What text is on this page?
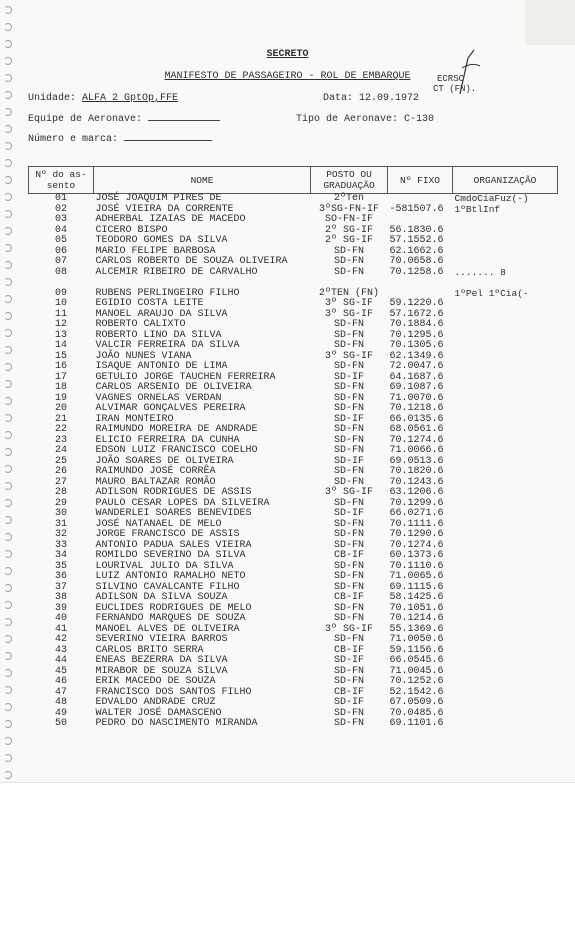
SECRETO
MANIFESTO DE PASSAGEIRO - ROL DE EMBARQUE	ECRSC
CT (FN).
Unidade: ALFA 2 GptOp,FFE	Data: 12.09.1972
Equipe de Aeronave:	Tipo de Aeronave: C-130
Número e marca:
Nº do as- sento	NOME	POSTO OU GRADUAÇÃO	Nº FIXO	ORGANIZAÇÃO
01	JOSÉ JOAQUIM PIRES DE	2ºTen		CmdoCiaFuz(-)
02	JOSÉ VIEIRA DA CORRENTE	3ºSG-FN-IF	-581507.6	1ºBtlInf
03	ADHERBAL IZAIAS DE MACEDO	SO-FN-IF		
04	CICERO BISPO	2º SG-IF	56.1830.6	
05	TEODORO GOMES DA SILVA	2º SG-IF	57.1552.6	
06	MARIO FELIPE BARBOSA	SD-FN	62.1662.6	
07	CARLOS ROBERTO DE SOUZA OLIVEIRA	SD-FN	70.0658.6	
08	ALCEMIR RIBEIRO DE CARVALHO	SD-FN	70.1258.6	....... 8

09	RUBENS PERLINGEIRO FILHO	2ºTEN (FN)		1ºPel 1ºCia(-
10	EGIDIO COSTA LEITE	3º SG-IF	59.1220.6	
11	MANOEL ARAUJO DA SILVA	3º SG-IF	57.1672.6	
12	ROBERTO CALIXTO	SD-FN	70.1884.6	
13	ROBERTO LINO DA SILVA	SD-FN	70.1295.6	
14	VALCIR FERREIRA DA SILVA	SD-FN	70.1305.6	
15	JOÃO NUNES VIANA	3º SG-IF	62.1349.6	
16	ISAQUE ANTONIO DE LIMA	SD-FN	72.0047.6	
17	GETULIO JORGE TAUCHEN FERREIRA	SD-IF	64.1687.6	
18	CARLOS ARSENIO DE OLIVEIRA	SD-FN	69.1087.6	
19	VAGNES ORNELAS VERDAN	SD-FN	71.0070.6	
20	ALVIMAR GONÇALVES PEREIRA	SD-FN	70.1218.6	
21	IRAN MONTEIRO	SD-IF	66.0135.6	
22	RAIMUNDO MOREIRA DE ANDRADE	SD-FN	68.0561.6	
23	ELICIO FERREIRA DA CUNHA	SD-FN	70.1274.6	
24	EDSON LUIZ FRANCISCO COELHO	SD-FN	71.0066.6	
25	JOÃO SOARES DE OLIVEIRA	SD-IF	69.0513.6	
26	RAIMUNDO JOSÉ CORRÊA	SD-FN	70.1820.6	
27	MAURO BALTAZAR ROMÃO	SD-FN	70.1243.6	
28	ADILSON RODRIGUES DE ASSIS	3º SG-IF	63.1206.6	
29	PAULO CESAR LOPES DA SILVEIRA	SD-FN	70.1299.6	
30	WANDERLEI SOARES BENEVIDES	SD-IF	66.0271.6	
31	JOSÉ NATANAEL DE MELO	SD-FN	70.1111.6	
32	JORGE FRANCISCO DE ASSIS	SD-FN	70.1290.6	
33	ANTONIO PADUA SALES VIEIRA	SD-FN	70.1274.6	
34	ROMILDO SEVERINO DA SILVA	CB-IF	60.1373.6	
35	LOURIVAL JULIO DA SILVA	SD-FN	70.1110.6	
36	LUIZ ANTONIO RAMALHO NETO	SD-FN	71.0065.6	
37	SILVINO CAVALCANTE FILHO	SD-FN	69.1115.6	
38	ADILSON DA SILVA SOUZA	CB-IF	58.1425.6	
39	EUCLIDES RODRIGUES DE MELO	SD-FN	70.1051.6	
40	FERNANDO MARQUES DE SOUZA	SD-FN	70.1214.6	
41	MANOEL ALVES DE OLIVEIRA	3º SG-IF	55.1369.6	
42	SEVERINO VIEIRA BARROS	SD-FN	71.0050.6	
43	CARLOS BRITO SERRA	CB-IF	59.1156.6	
44	ENEAS BEZERRA DA SILVA	SD-IF	66.0545.6	
45	MIRABOR DE SOUZA SILVA	SD-FN	71.0045.6	
46	ERIK MACEDO DE SOUZA	SD-FN	70.1252.6	
47	FRANCISCO DOS SANTOS FILHO	CB-IF	52.1542.6	
48	EDVALDO ANDRADE CRUZ	SD-IF	67.0509.6	
49	WALTER JOSÉ DAMASCENO	SD-FN	70.0485.6	
50	PEDRO DO NASCIMENTO MIRANDA	SD-FN	69.1101.6	
